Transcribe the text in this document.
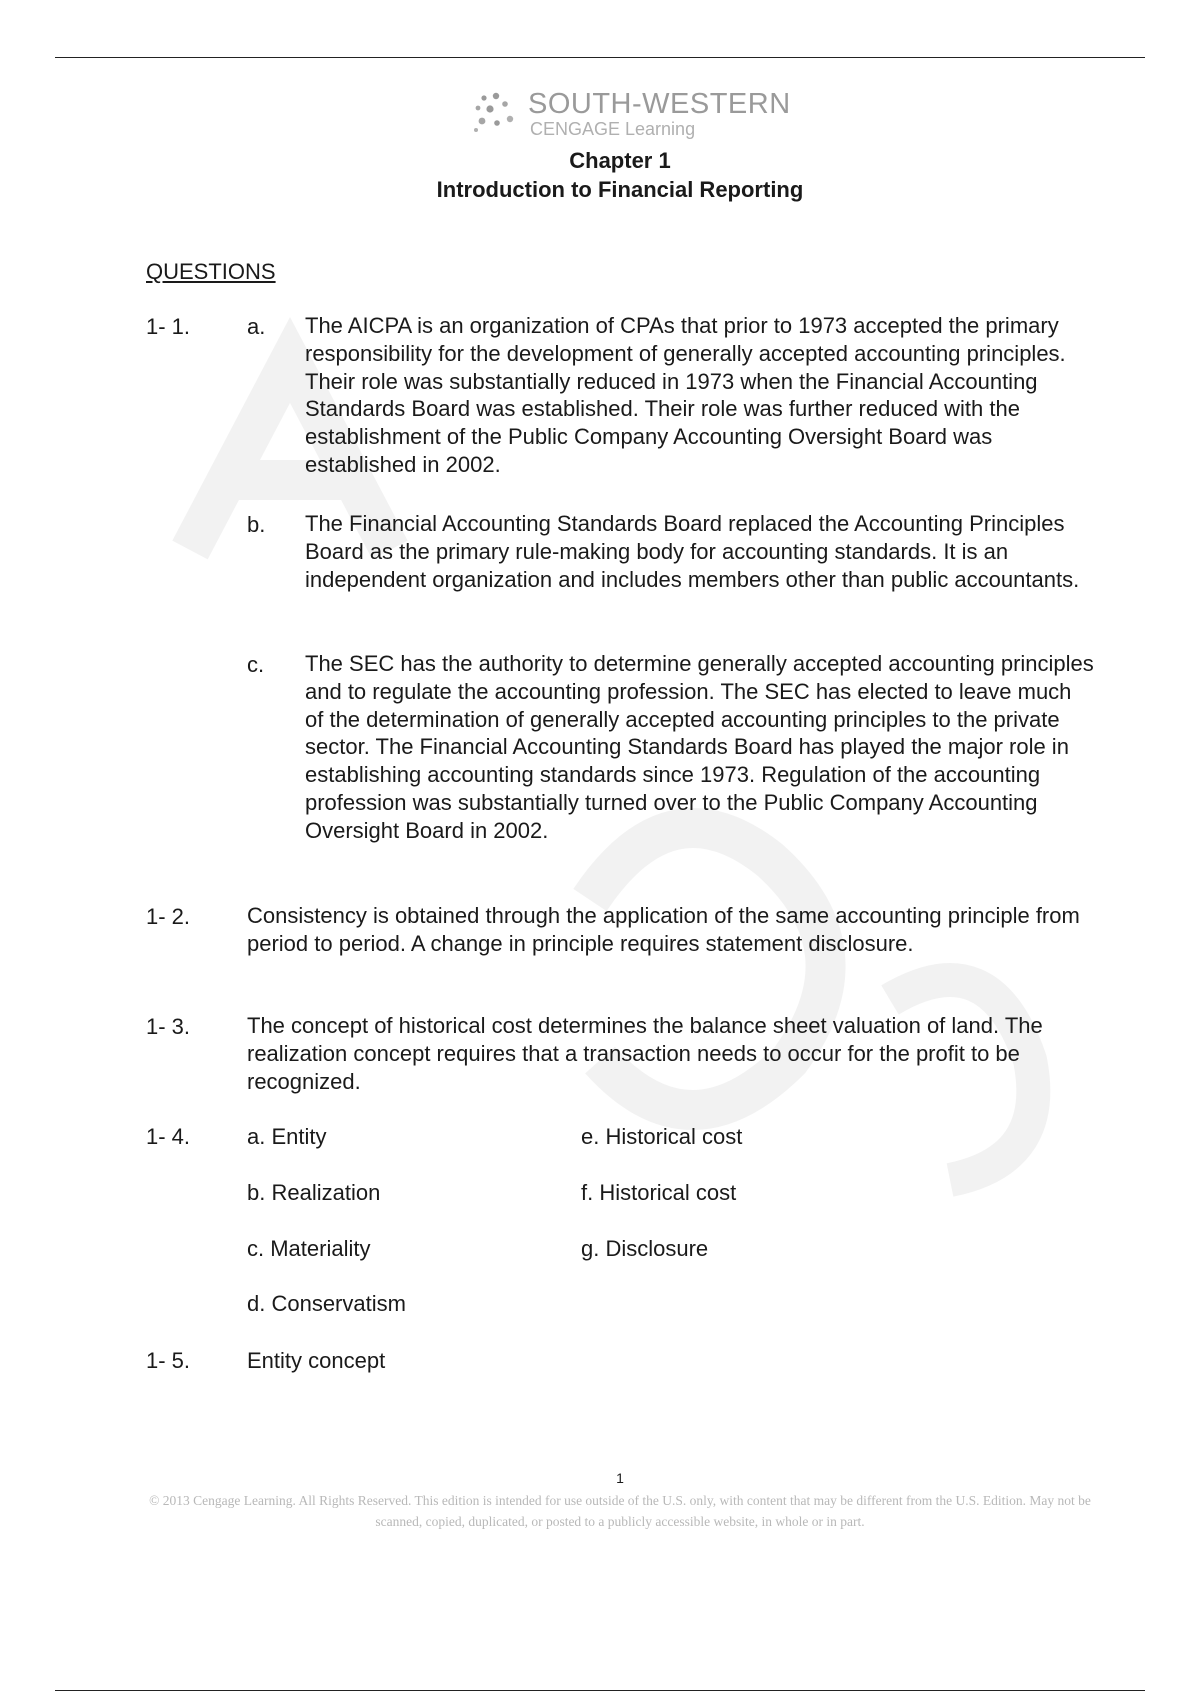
SOUTH-WESTERN
CENGAGE Learning
Chapter 1
Introduction to Financial Reporting
QUESTIONS
1- 1.	a. The AICPA is an organization of CPAs that prior to 1973 accepted the primary responsibility for the development of generally accepted accounting principles. Their role was substantially reduced in 1973 when the Financial Accounting Standards Board was established. Their role was further reduced with the establishment of the Public Company Accounting Oversight Board was established in 2002.

b. The Financial Accounting Standards Board replaced the Accounting Principles Board as the primary rule-making body for accounting standards. It is an independent organization and includes members other than public accountants.

c. The SEC has the authority to determine generally accepted accounting principles and to regulate the accounting profession. The SEC has elected to leave much of the determination of generally accepted accounting principles to the private sector. The Financial Accounting Standards Board has played the major role in establishing accounting standards since 1973. Regulation of the accounting profession was substantially turned over to the Public Company Accounting Oversight Board in 2002.

1- 2.	Consistency is obtained through the application of the same accounting principle from period to period. A change in principle requires statement disclosure.

1- 3.	The concept of historical cost determines the balance sheet valuation of land. The realization concept requires that a transaction needs to occur for the profit to be recognized.

1- 4.	a. Entity
b. Realization
c. Materiality
d. Conservatism
e. Historical cost
f. Historical cost
g. Disclosure
1- 5.	Entity concept
1
© 2013 Cengage Learning. All Rights Reserved. This edition is intended for use outside of the U.S. only, with content that may be different from the U.S. Edition. May not be scanned, copied, duplicated, or posted to a publicly accessible website, in whole or in part.
